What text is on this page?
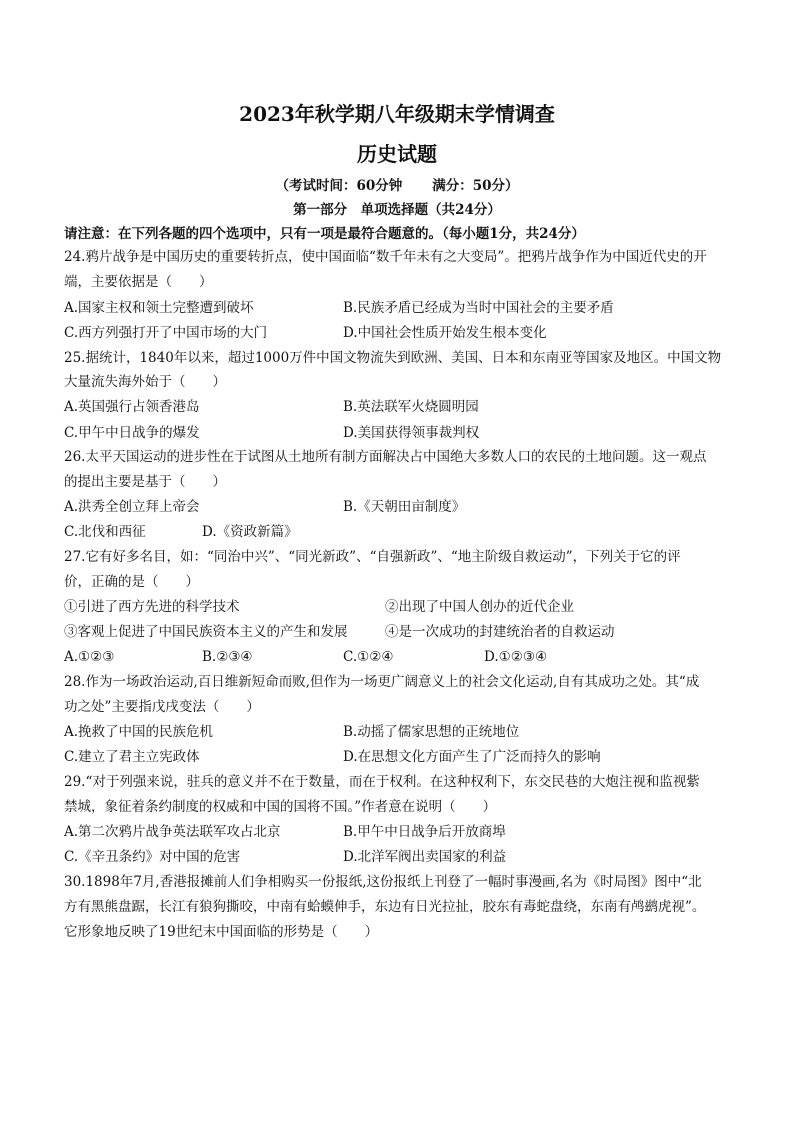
2023年秋学期八年级期末学情调查
历史试题
（考试时间：60分钟 满分：50分）
第一部分　单项选择题（共24分）
请注意：在下列各题的四个选项中，只有一项是最符合题意的。（每小题1分，共24分）
24.鸦片战争是中国历史的重要转折点，使中国面临“数千年未有之大变局”。把鸦片战争作为中国近代史的开
端，主要依据是（　　）
A.国家主权和领土完整遭到破坏	B.民族矛盾已经成为当时中国社会的主要矛盾
C.西方列强打开了中国市场的大门	D.中国社会性质开始发生根本变化
25.据统计，1840年以来，超过1000万件中国文物流失到欧洲、美国、日本和东南亚等国家及地区。中国文物
大量流失海外始于（　　）
A.英国强行占领香港岛	B.英法联军火烧圆明园
C.甲午中日战争的爆发	D.美国获得领事裁判权
26.太平天国运动的进步性在于试图从土地所有制方面解决占中国绝大多数人口的农民的土地问题。这一观点
的提出主要是基于（　　）
A.洪秀全创立拜上帝会	B.《天朝田亩制度》
C.北伐和西征	D.《资政新篇》
27.它有好多名目，如：“同治中兴”、“同光新政”、“自强新政”、“地主阶级自救运动”，下列关于它的评
价，正确的是（　　）
①引进了西方先进的科学技术	②出现了中国人创办的近代企业
③客观上促进了中国民族资本主义的产生和发展	④是一次成功的封建统治者的自救运动
A.①②③	B.②③④	C.①②④	D.①②③④
28.作为一场政治运动,百日维新短命而败,但作为一场更广阔意义上的社会文化运动,自有其成功之处。其“成
功之处”主要指戊戌变法（　　）
A.挽救了中国的民族危机	B.动摇了儒家思想的正统地位
C.建立了君主立宪政体	D.在思想文化方面产生了广泛而持久的影响
29.“对于列强来说，驻兵的意义并不在于数量，而在于权利。在这种权利下，东交民巷的大炮注视和监视紫
禁城，象征着条约制度的权威和中国的国将不国。”作者意在说明（　　）
A.第二次鸦片战争英法联军攻占北京	B.甲午中日战争后开放商埠
C.《辛丑条约》对中国的危害	D.北洋军阀出卖国家的利益
30.1898年7月,香港报摊前人们争相购买一份报纸,这份报纸上刊登了一幅时事漫画,名为《时局图》图中“北
方有黑熊盘踞，长江有狼狗撕咬，中南有蛤蟆伸手，东边有日光拉扯，胶东有毒蛇盘绕，东南有鸬鹚虎视”。
它形象地反映了19世纪末中国面临的形势是（　　）
